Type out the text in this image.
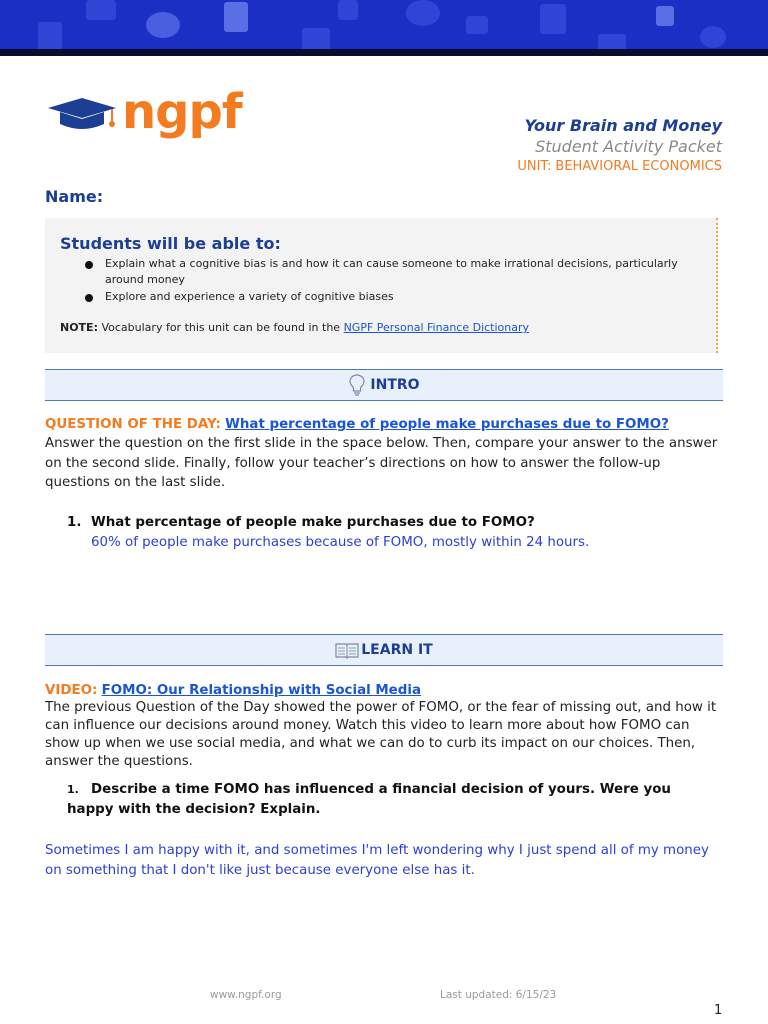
ngpf	Your Brain and Money
Student Activity Packet
UNIT: BEHAVIORAL ECONOMICS
Name:
Students will be able to:
Explain what a cognitive bias is and how it can cause someone to make irrational decisions, particularly around money
Explore and experience a variety of cognitive biases
NOTE: Vocabulary for this unit can be found in the NGPF Personal Finance Dictionary
INTRO
QUESTION OF THE DAY: What percentage of people make purchases due to FOMO?
Answer the question on the first slide in the space below. Then, compare your answer to the answer on the second slide. Finally, follow your teacher’s directions on how to answer the follow-up questions on the last slide.
1. What percentage of people make purchases due to FOMO?
60% of people make purchases because of FOMO, mostly within 24 hours.
LEARN IT
VIDEO: FOMO: Our Relationship with Social Media
The previous Question of the Day showed the power of FOMO, or the fear of missing out, and how it can influence our decisions around money. Watch this video to learn more about how FOMO can show up when we use social media, and what we can do to curb its impact on our choices. Then, answer the questions.
1. Describe a time FOMO has influenced a financial decision of yours. Were you happy with the decision? Explain.
Sometimes I am happy with it, and sometimes I'm left wondering why I just spend all of my money on something that I don't like just because everyone else has it.
www.ngpf.org	Last updated: 6/15/23
1
